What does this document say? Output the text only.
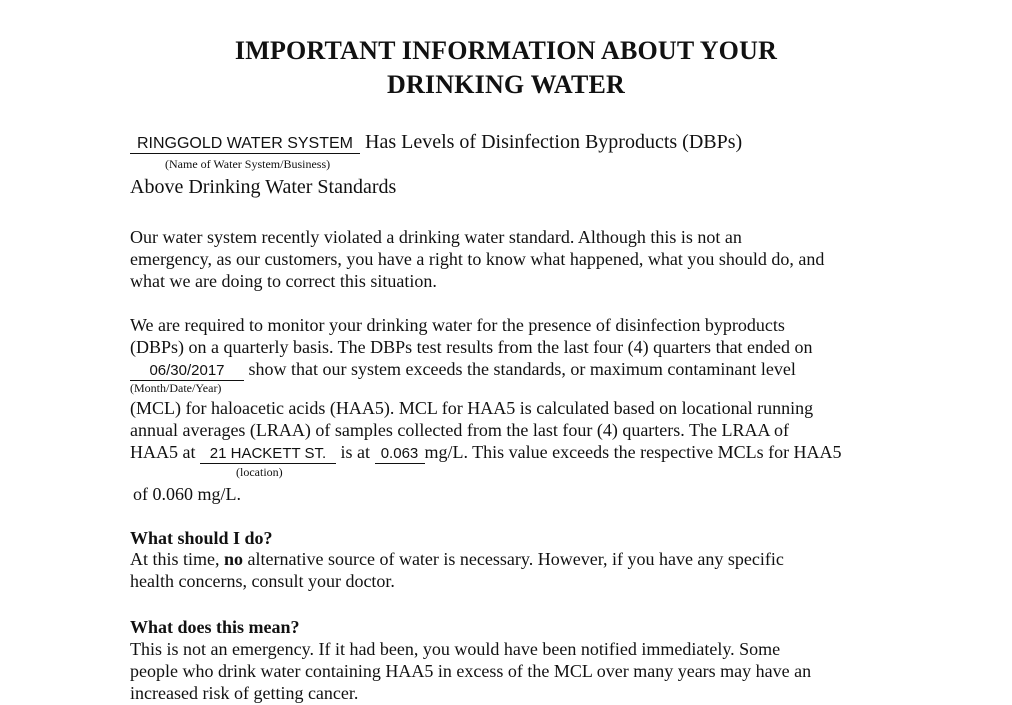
IMPORTANT INFORMATION ABOUT YOUR
DRINKING WATER
RINGGOLD WATER SYSTEM Has Levels of Disinfection Byproducts (DBPs)
(Name of Water System/Business)
Above Drinking Water Standards
Our water system recently violated a drinking water standard. Although this is not an
emergency, as our customers, you have a right to know what happened, what you should do, and
what we are doing to correct this situation.
We are required to monitor your drinking water for the presence of disinfection byproducts
(DBPs) on a quarterly basis. The DBPs test results from the last four (4) quarters that ended on
06/30/2017 show that our system exceeds the standards, or maximum contaminant level
(Month/Date/Year)
(MCL) for haloacetic acids (HAA5). MCL for HAA5 is calculated based on locational running
annual averages (LRAA) of samples collected from the last four (4) quarters. The LRAA of
HAA5 at 21 HACKETT ST. is at 0.063 mg/L. This value exceeds the respective MCLs for HAA5
(location)
of 0.060 mg/L.
What should I do?
At this time, no alternative source of water is necessary. However, if you have any specific
health concerns, consult your doctor.
What does this mean?
This is not an emergency. If it had been, you would have been notified immediately. Some
people who drink water containing HAA5 in excess of the MCL over many years may have an
increased risk of getting cancer.
